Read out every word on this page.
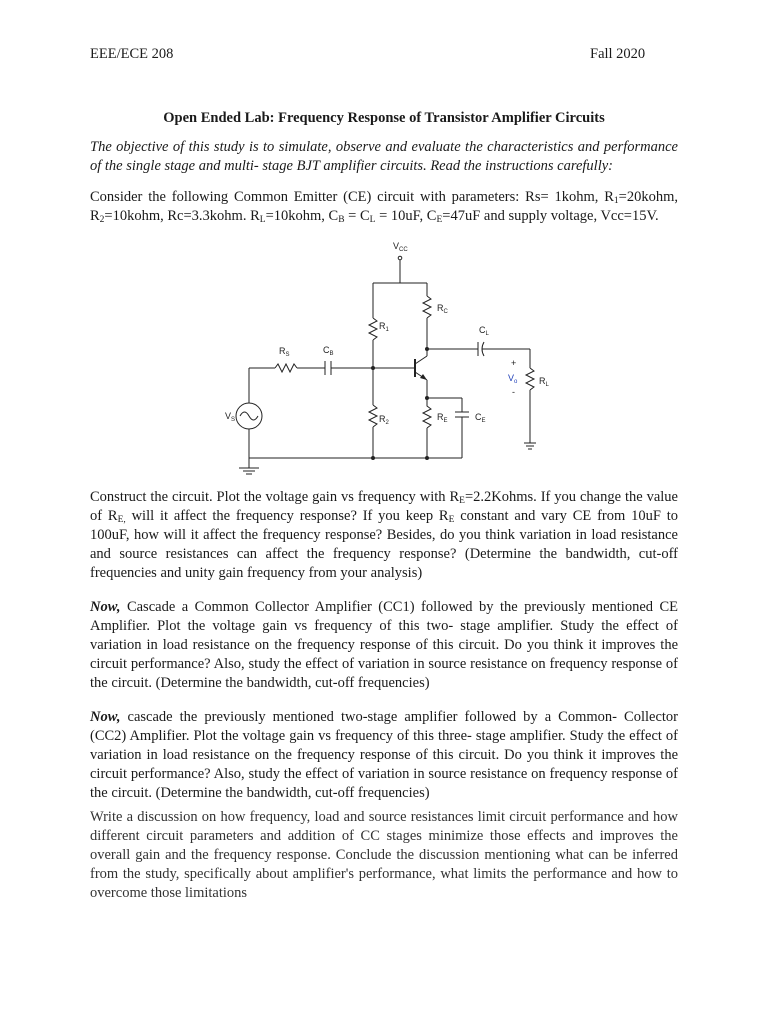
EEE/ECE 208	Fall 2020
Open Ended Lab: Frequency Response of Transistor Amplifier Circuits

The objective of this study is to simulate, observe and evaluate the characteristics and performance of the single stage and multi- stage BJT amplifier circuits. Read the instructions carefully:

Consider the following Common Emitter (CE) circuit with parameters: Rs= 1kohm, $R_1=20kohm$, $R_2=10kohm$, Rc=3.3kohm. $R_L=10kohm$, $C_B = C_L = 10uF$, $C_E=47uF$ and supply voltage, Vcc=15V.

$V_{CC}$
$R_C$
$R_1$	$C_L$
$R_S$	$C_B$
+
$V_o$
-
$R_L$
$V_S$	$R_2$
$R_E$	$C_E$

Construct the circuit. Plot the voltage gain vs frequency with $R_E=2.2Kohms$. If you change the value of $R_{E,}$ will it affect the frequency response? If you keep $R_E$ constant and vary CE from 10uF to 100uF, how will it affect the frequency response? Besides, do you think variation in load resistance and source resistances can affect the frequency response? (Determine the bandwidth, cut-off frequencies and unity gain frequency from your analysis)

Now, Cascade a Common Collector Amplifier (CC1) followed by the previously mentioned CE Amplifier. Plot the voltage gain vs frequency of this two- stage amplifier. Study the effect of variation in load resistance on the frequency response of this circuit. Do you think it improves the circuit performance? Also, study the effect of variation in source resistance on frequency response of the circuit. (Determine the bandwidth, cut-off frequencies)

Now, cascade the previously mentioned two-stage amplifier followed by a Common- Collector (CC2) Amplifier. Plot the voltage gain vs frequency of this three- stage amplifier. Study the effect of variation in load resistance on the frequency response of this circuit. Do you think it improves the circuit performance? Also, study the effect of variation in source resistance on frequency response of the circuit. (Determine the bandwidth, cut-off frequencies)

Write a discussion on how frequency, load and source resistances limit circuit performance and how different circuit parameters and addition of CC stages minimize those effects and improves the overall gain and the frequency response. Conclude the discussion mentioning what can be inferred from the study, specifically about amplifier's performance, what limits the performance and how to overcome those limitations
